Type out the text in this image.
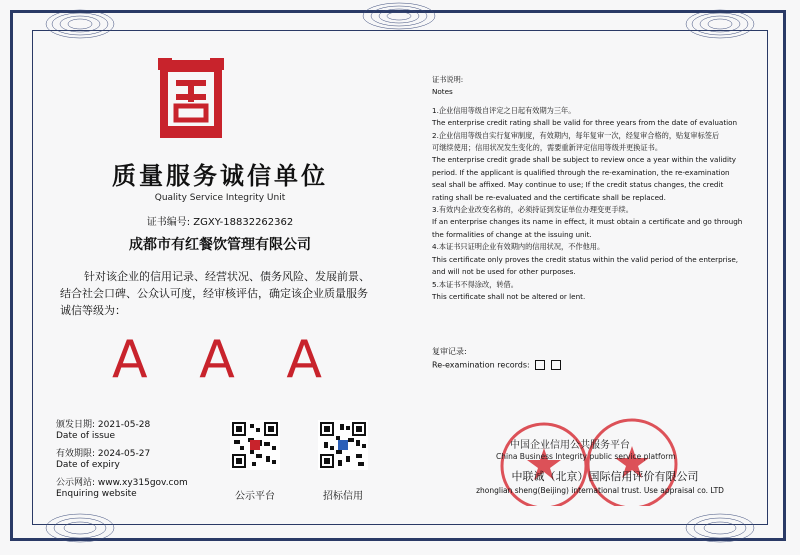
质量服务诚信单位
Quality Service Integrity Unit
证书编号: ZGXY-18832262362
成都市有红餐饮管理有限公司
针对该企业的信用记录、经营状况、债务风险、发展前景、
结合社会口碑、公众认可度，经审核评估，确定该企业质量服务
诚信等级为：
A A A
颁发日期: 2021-05-28
Date of issue
有效期限: 2024-05-27
Date of expiry
公示网站: www.xy315gov.com
Enquiring website	公示平台	招标信用
证书说明:
Notes
1.企业信用等级自评定之日起有效期为三年。
The enterprise credit rating shall be valid for three years from the date of evaluation
2.企业信用等级自实行复审制度，有效期内，每年复审一次，经复审合格的，贴复审标签后
可继续使用；信用状况发生变化的，需要重新评定信用等级并更换证书。
The enterprise credit grade shall be subject to review once a year within the validity
period. If the applicant is qualified through the re-examination, the re-examination
seal shall be affixed. May continue to use; If the credit status changes, the credit
rating shall be re-evaluated and the certificate shall be replaced.
3.有效内企业改变名称的，必须持证到发证单位办理变更手续。
If an enterprise changes its name in effect, it must obtain a certificate and go through
the formalities of change at the issuing unit.
4.本证书只证明企业有效期内的信用状况，不作他用。
This certificate only proves the credit status within the valid period of the enterprise,
and will not be used for other purposes.
5.本证书不得涂改，转借。
This certificate shall not be altered or lent.
复审记录:
Re-examination records:
中国企业信用公共服务平台
China Business Integrity public service platform
中联诚（北京）国际信用评价有限公司
zhonglian sheng(Beijing) international trust. Use appraisal co. LTD
